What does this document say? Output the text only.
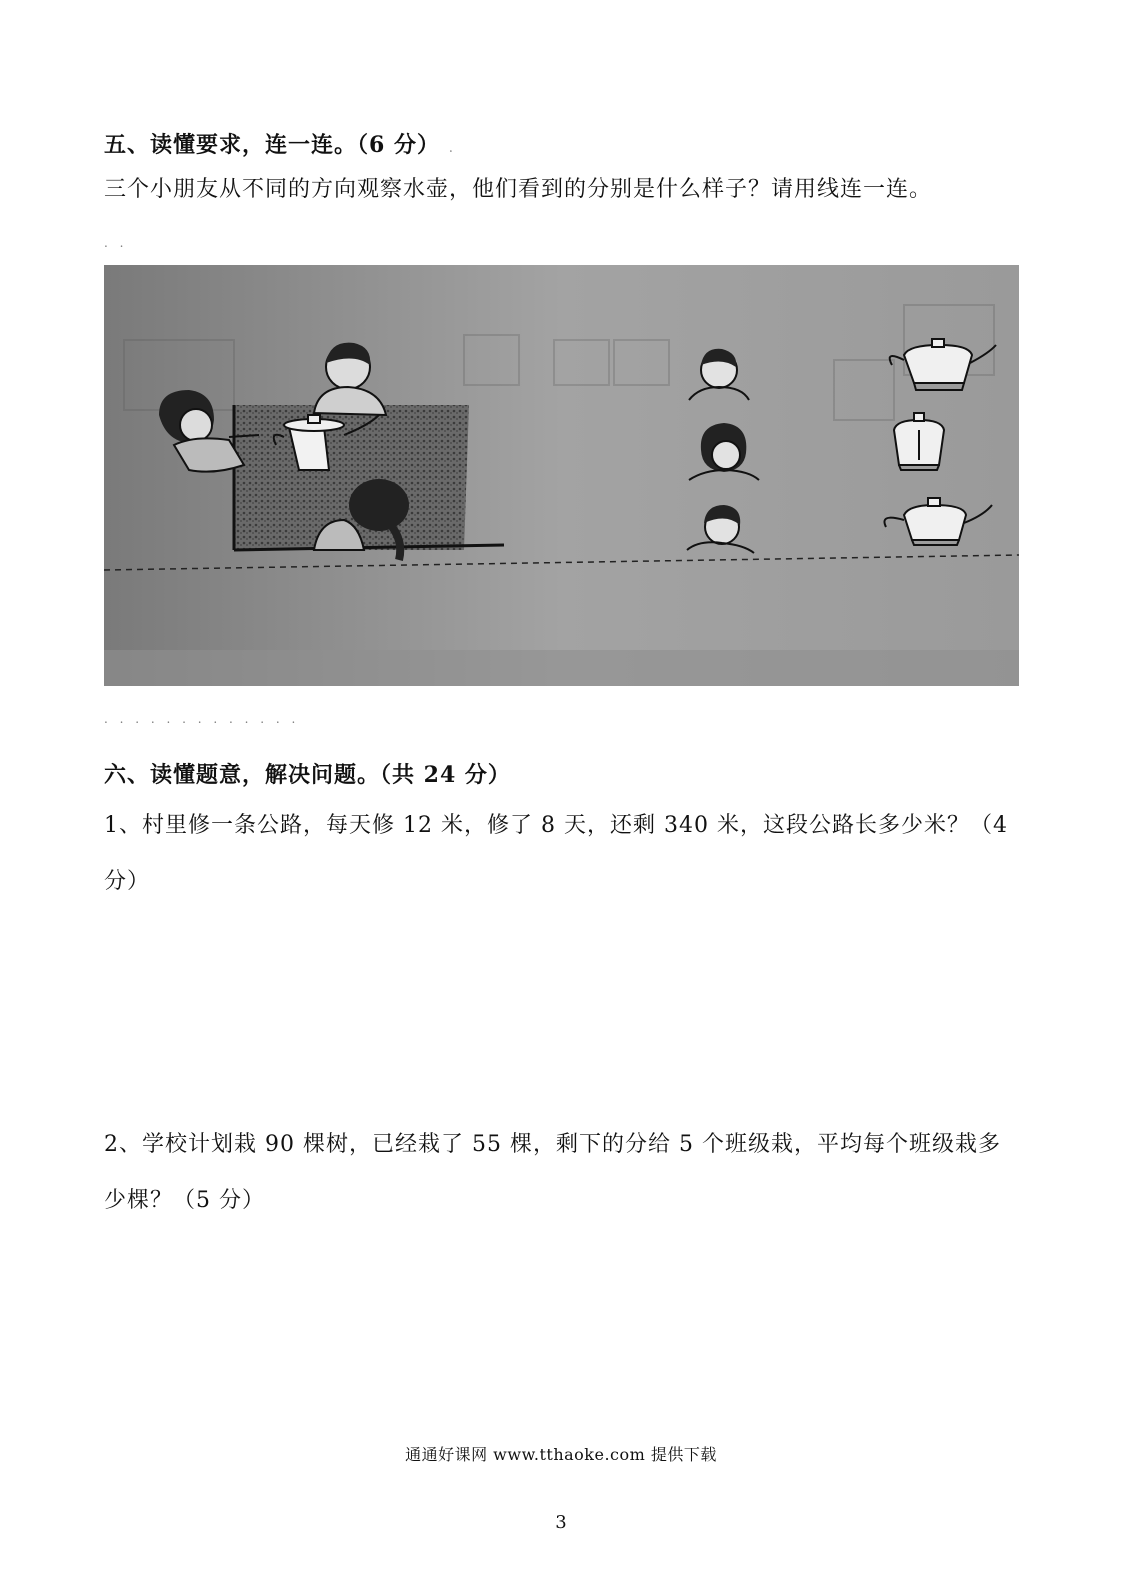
五、读懂要求，连一连。（6 分） .
三个小朋友从不同的方向观察水壶，他们看到的分别是什么样子？请用线连一连。
. .
. . . . . . . . . . . . .
六、读懂题意，解决问题。（共 24 分）
1、村里修一条公路，每天修 12 米，修了 8 天，还剩 340 米，这段公路长多少米？（4
分）
2、学校计划栽 90 棵树，已经栽了 55 棵，剩下的分给 5 个班级栽，平均每个班级栽多
少棵？（5 分）
通通好课网 www.tthaoke.com 提供下载
3
